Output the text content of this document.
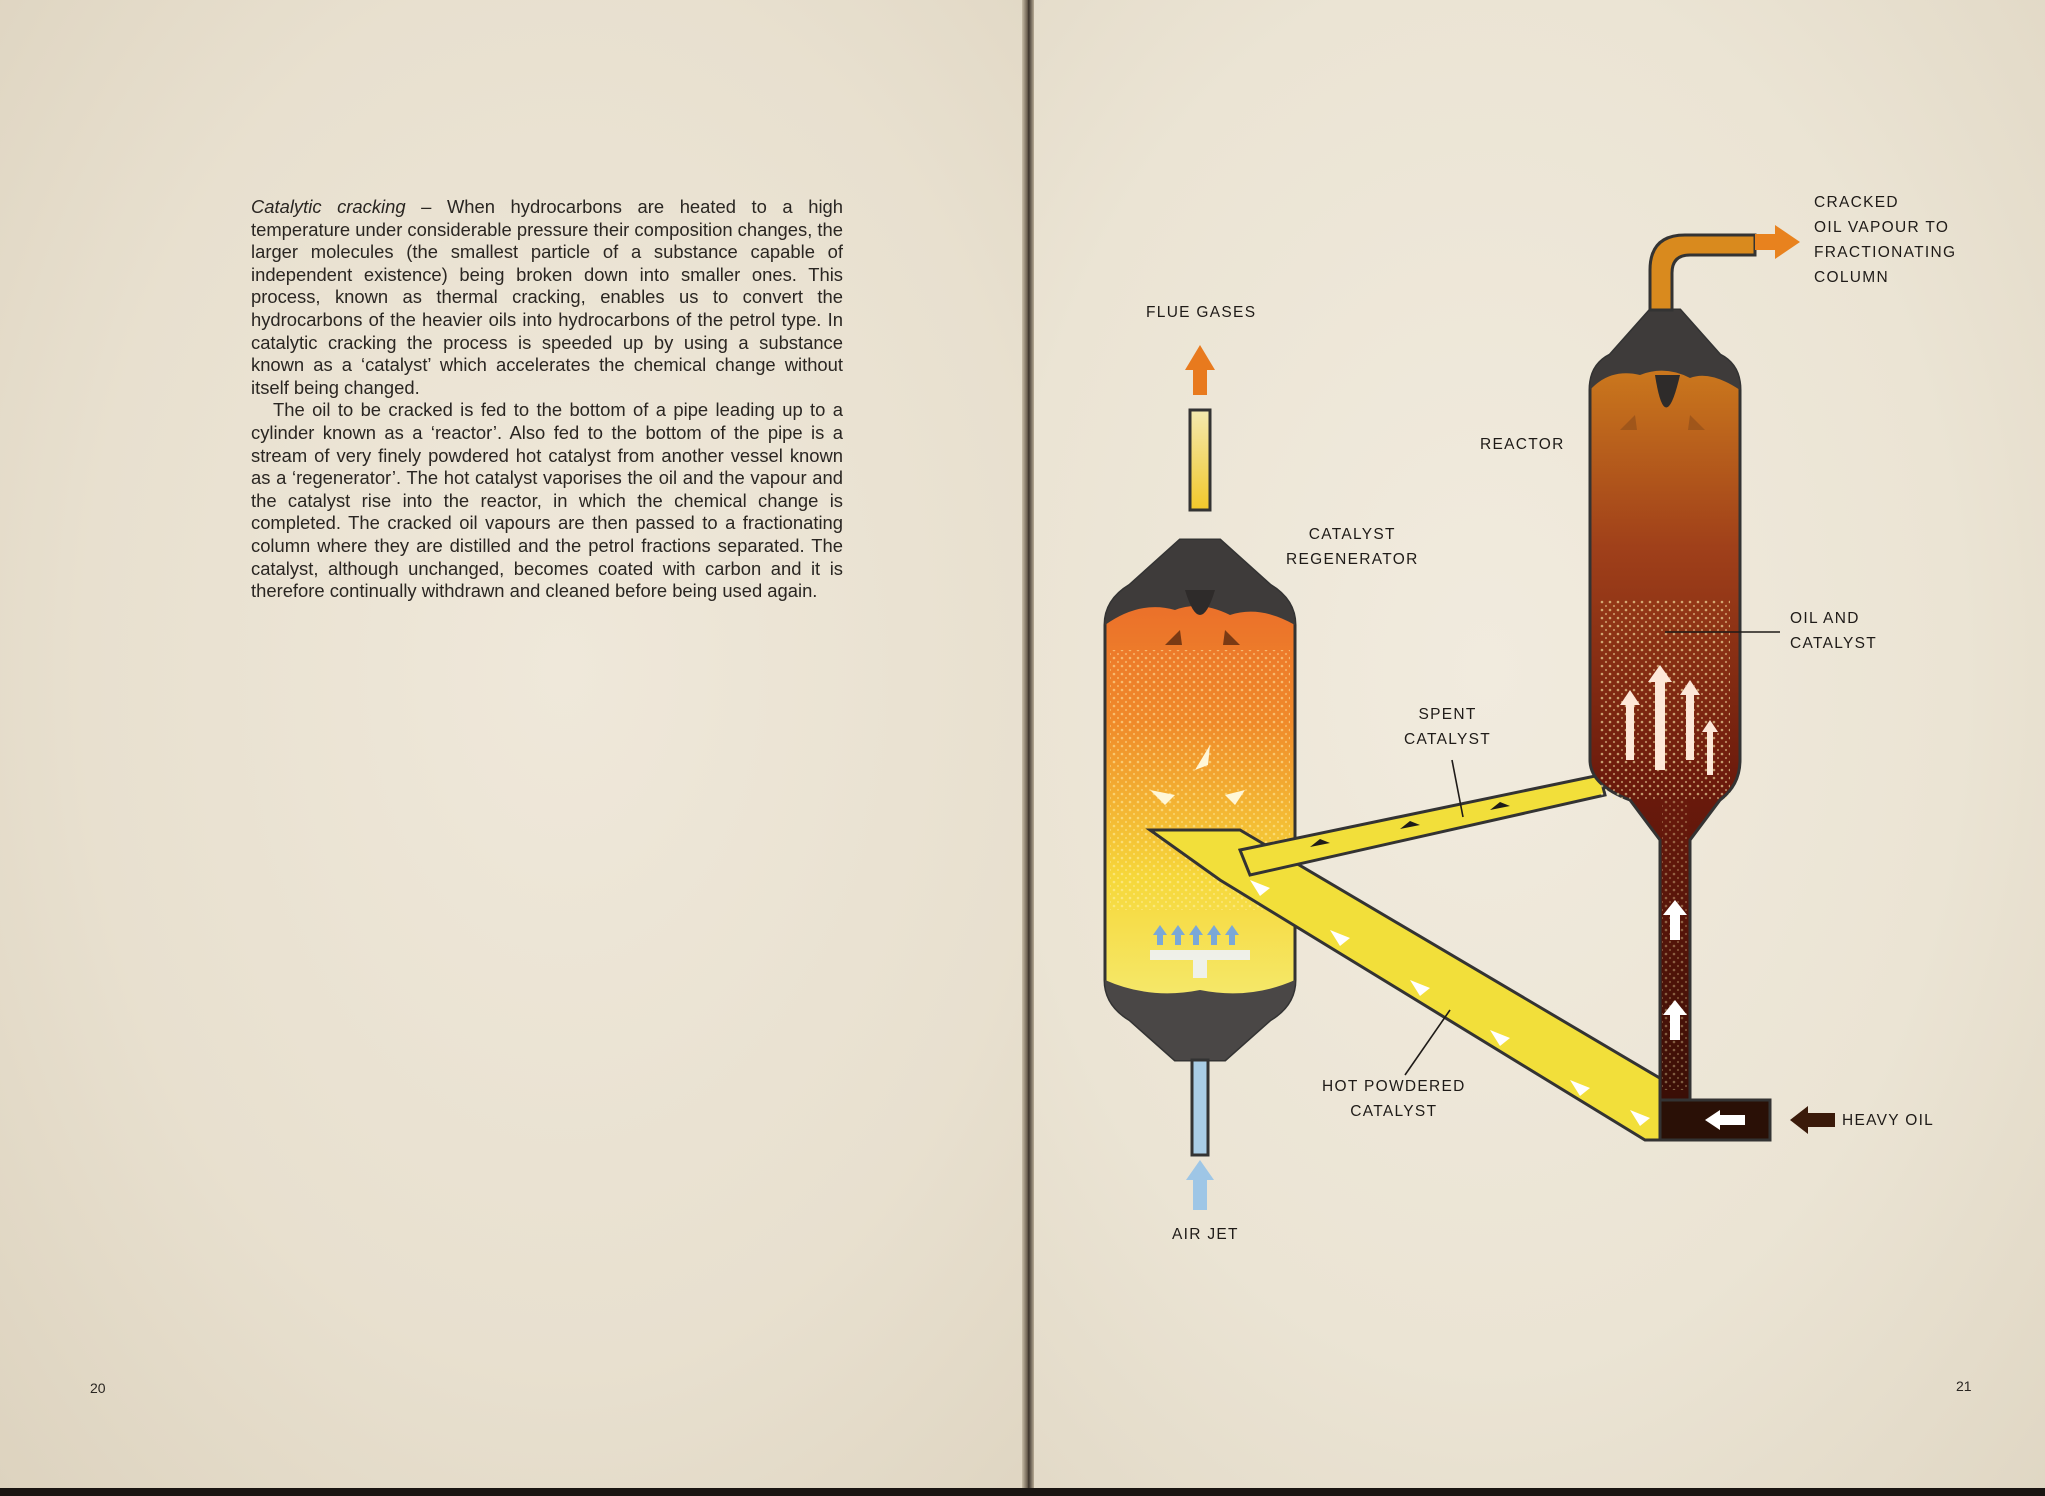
Catalytic cracking – When hydrocarbons are heated to a high temperature under considerable pressure their composition changes, the larger molecules (the smallest particle of a substance capable of independent existence) being broken down into smaller ones. This process, known as thermal cracking, enables us to convert the hydrocarbons of the heavier oils into hydrocarbons of the petrol type. In catalytic cracking the process is speeded up by using a substance known as a ‘catalyst’ which accelerates the chemical change without itself being changed.

The oil to be cracked is fed to the bottom of a pipe leading up to a cylinder known as a ‘reactor’. Also fed to the bottom of the pipe is a stream of very finely powdered hot catalyst from another vessel known as a ‘regenerator’. The hot catalyst vaporises the oil and the vapour and the catalyst rise into the reactor, in which the chemical change is completed. The cracked oil vapours are then passed to a fractionating column where they are distilled and the petrol fractions separated. The catalyst, although unchanged, becomes coated with carbon and it is therefore continually withdrawn and cleaned before being used again.

20	21
FLUE GASES
CRACKED
OIL VAPOUR TO
FRACTIONATING
COLUMN
REACTOR
CATALYST
REGENERATOR
OIL AND
CATALYST
SPENT
CATALYST
HOT POWDERED
CATALYST
HEAVY OIL
AIR JET
